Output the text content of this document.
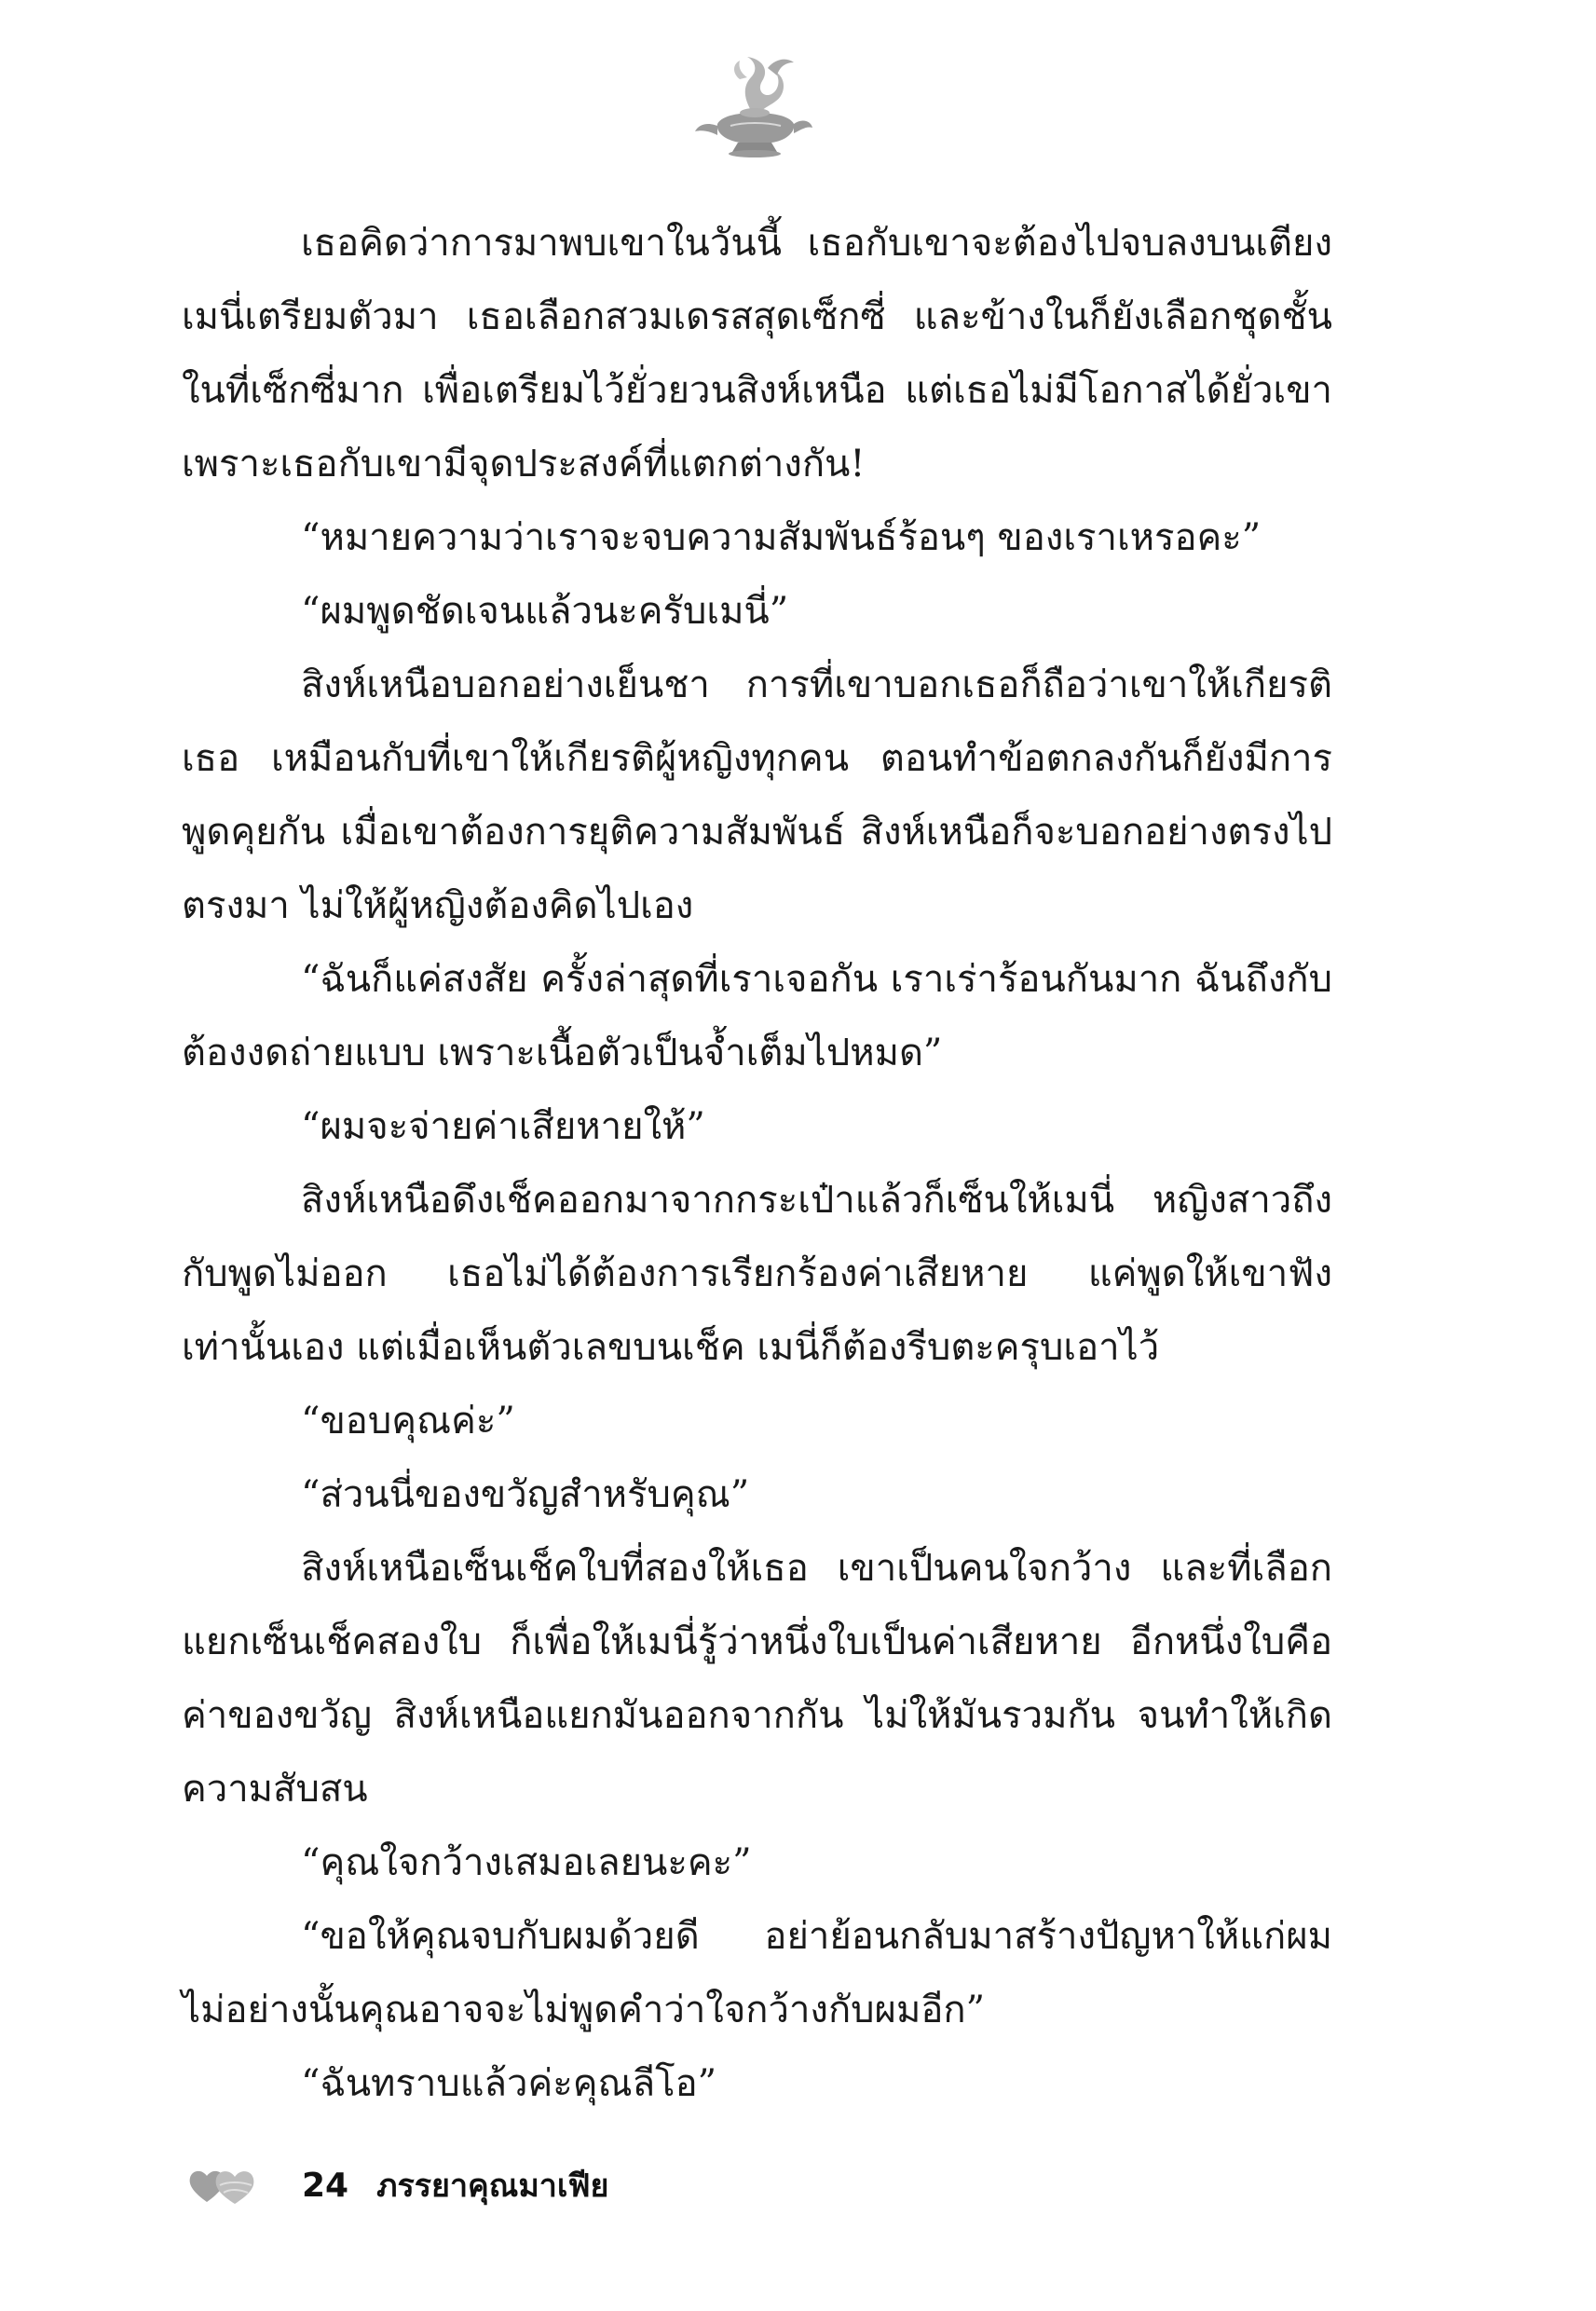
เธอคิดว่าการมาพบเขาในวันนี้ เธอกับเขาจะต้องไปจบลงบนเตียง เมนี่เตรียมตัวมา เธอเลือกสวมเดรสสุดเซ็กซี่ และข้างในก็ยังเลือกชุดชั้นในที่เซ็กซี่มาก เพื่อเตรียมไว้ยั่วยวนสิงห์เหนือ แต่เธอไม่มีโอกาสได้ยั่วเขา เพราะเธอกับเขามีจุดประสงค์ที่แตกต่างกัน!

“หมายความว่าเราจะจบความสัมพันธ์ร้อนๆ ของเราเหรอคะ”

“ผมพูดชัดเจนแล้วนะครับเมนี่”

สิงห์เหนือบอกอย่างเย็นชา การที่เขาบอกเธอก็ถือว่าเขาให้เกียรติเธอ เหมือนกับที่เขาให้เกียรติผู้หญิงทุกคน ตอนทำข้อตกลงกันก็ยังมีการพูดคุยกัน เมื่อเขาต้องการยุติความสัมพันธ์ สิงห์เหนือก็จะบอกอย่างตรงไปตรงมา ไม่ให้ผู้หญิงต้องคิดไปเอง

“ฉันก็แค่สงสัย ครั้งล่าสุดที่เราเจอกัน เราเร่าร้อนกันมาก ฉันถึงกับต้องงดถ่ายแบบ เพราะเนื้อตัวเป็นจ้ำเต็มไปหมด”

“ผมจะจ่ายค่าเสียหายให้”

สิงห์เหนือดึงเช็คออกมาจากกระเป๋าแล้วก็เซ็นให้เมนี่ หญิงสาวถึงกับพูดไม่ออก เธอไม่ได้ต้องการเรียกร้องค่าเสียหาย แค่พูดให้เขาฟังเท่านั้นเอง แต่เมื่อเห็นตัวเลขบนเช็ค เมนี่ก็ต้องรีบตะครุบเอาไว้

“ขอบคุณค่ะ”

“ส่วนนี่ของขวัญสำหรับคุณ”

สิงห์เหนือเซ็นเช็คใบที่สองให้เธอ เขาเป็นคนใจกว้าง และที่เลือกแยกเซ็นเช็คสองใบ ก็เพื่อให้เมนี่รู้ว่าหนึ่งใบเป็นค่าเสียหาย อีกหนึ่งใบคือค่าของขวัญ สิงห์เหนือแยกมันออกจากกัน ไม่ให้มันรวมกัน จนทำให้เกิดความสับสน

“คุณใจกว้างเสมอเลยนะคะ”

“ขอให้คุณจบกับผมด้วยดี อย่าย้อนกลับมาสร้างปัญหาให้แก่ผม ไม่อย่างนั้นคุณอาจจะไม่พูดคำว่าใจกว้างกับผมอีก”

“ฉันทราบแล้วค่ะคุณลีโอ”

24 ภรรยาคุณมาเฟีย
